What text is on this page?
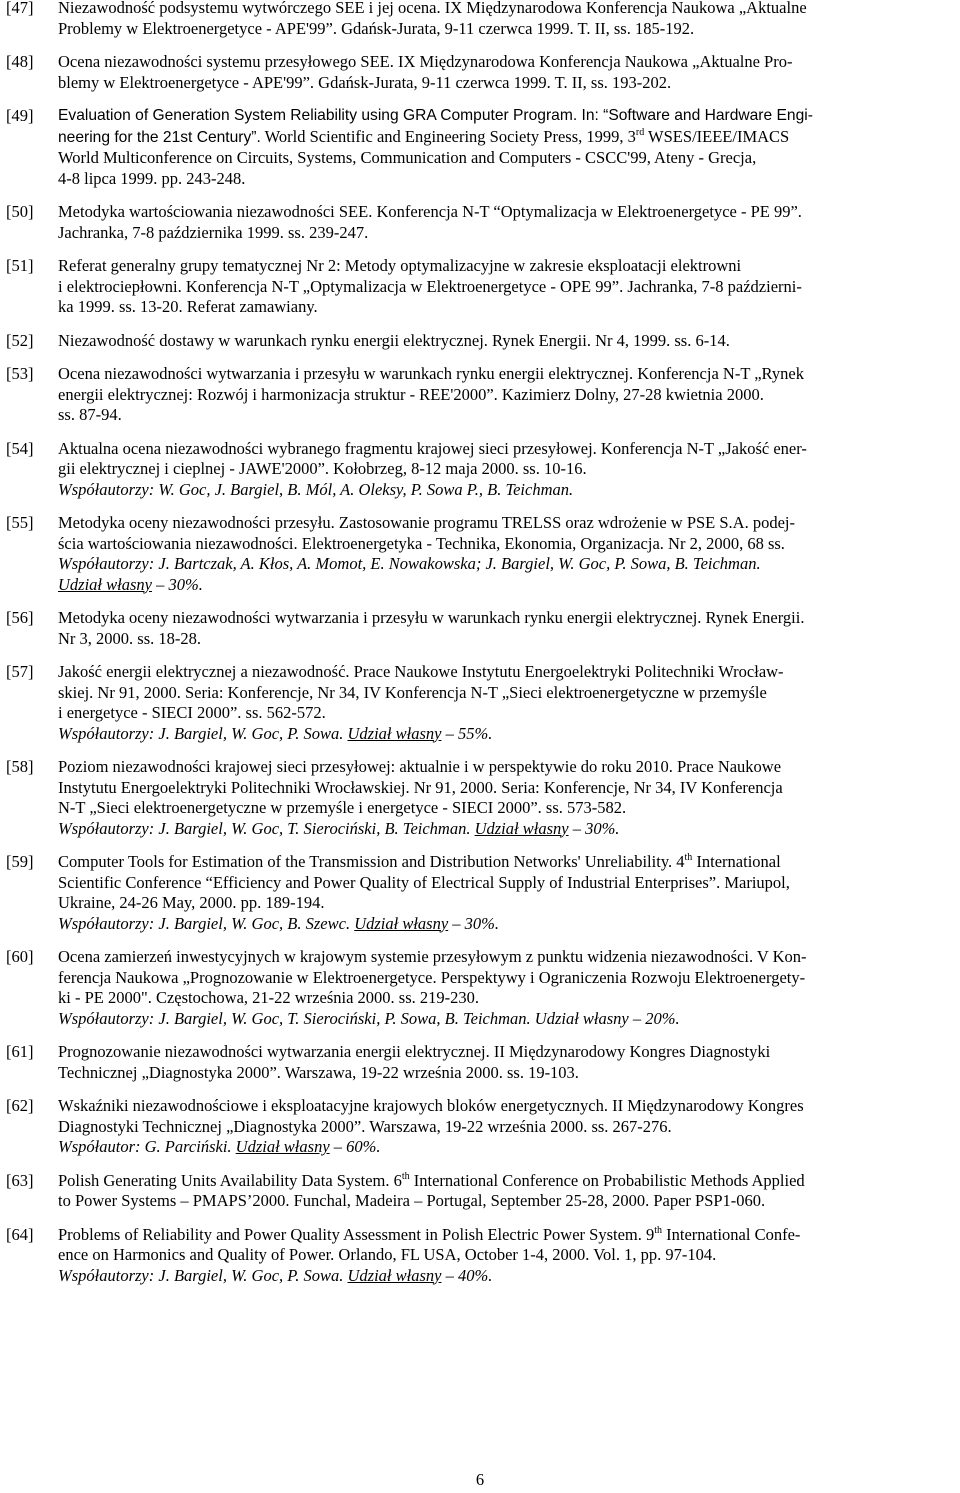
[47]	Niezawodność podsystemu wytwórczego SEE i jej ocena. IX Międzynarodowa Konferencja Naukowa „Aktualne
Problemy w Elektroenergetyce - APE'99”. Gdańsk-Jurata, 9-11 czerwca 1999. T. II, ss. 185-192.
[48]	Ocena niezawodności systemu przesyłowego SEE. IX Międzynarodowa Konferencja Naukowa „Aktualne Pro-
blemy w Elektroenergetyce - APE'99”. Gdańsk-Jurata, 9-11 czerwca 1999. T. II, ss. 193-202.
[49]	Evaluation of Generation System Reliability using GRA Computer Program. In: “Software and Hardware Engi-
neering for the 21st Century”. World Scientific and Engineering Society Press, 1999, 3rd WSES/IEEE/IMACS
World Multiconference on Circuits, Systems, Communication and Computers - CSCC'99, Ateny - Grecja,
4-8 lipca 1999. pp. 243-248.
[50]	Metodyka wartościowania niezawodności SEE. Konferencja N-T “Optymalizacja w Elektroenergetyce - PE 99”.
Jachranka, 7-8 października 1999. ss. 239-247.
[51]	Referat generalny grupy tematycznej Nr 2: Metody optymalizacyjne w zakresie eksploatacji elektrowni
i elektrociepłowni. Konferencja N-T „Optymalizacja w Elektroenergetyce - OPE 99”. Jachranka, 7-8 październi-
ka 1999. ss. 13-20. Referat zamawiany.
[52]	Niezawodność dostawy w warunkach rynku energii elektrycznej. Rynek Energii. Nr 4, 1999. ss. 6-14.
[53]	Ocena niezawodności wytwarzania i przesyłu w warunkach rynku energii elektrycznej. Konferencja N-T „Rynek
energii elektrycznej: Rozwój i harmonizacja struktur - REE'2000”. Kazimierz Dolny, 27-28 kwietnia 2000.
ss. 87-94.
[54]	Aktualna ocena niezawodności wybranego fragmentu krajowej sieci przesyłowej. Konferencja N-T „Jakość ener-
gii elektrycznej i cieplnej - JAWE'2000”. Kołobrzeg, 8-12 maja 2000. ss. 10-16.
Współautorzy: W. Goc, J. Bargiel, B. Mól, A. Oleksy, P. Sowa P., B. Teichman.
[55]	Metodyka oceny niezawodności przesyłu. Zastosowanie programu TRELSS oraz wdrożenie w PSE S.A. podej-
ścia wartościowania niezawodności. Elektroenergetyka - Technika, Ekonomia, Organizacja. Nr 2, 2000, 68 ss.
Współautorzy: J. Bartczak, A. Kłos, A. Momot, E. Nowakowska; J. Bargiel, W. Goc, P. Sowa, B. Teichman.
Udział własny – 30%.
[56]	Metodyka oceny niezawodności wytwarzania i przesyłu w warunkach rynku energii elektrycznej. Rynek Energii.
Nr 3, 2000. ss. 18-28.
[57]	Jakość energii elektrycznej a niezawodność. Prace Naukowe Instytutu Energoelektryki Politechniki Wrocław-
skiej. Nr 91, 2000. Seria: Konferencje, Nr 34, IV Konferencja N-T „Sieci elektroenergetyczne w przemyśle
i energetyce - SIECI 2000”. ss. 562-572.
Współautorzy: J. Bargiel, W. Goc, P. Sowa. Udział własny – 55%.
[58]	Poziom niezawodności krajowej sieci przesyłowej: aktualnie i w perspektywie do roku 2010. Prace Naukowe
Instytutu Energoelektryki Politechniki Wrocławskiej. Nr 91, 2000. Seria: Konferencje, Nr 34, IV Konferencja
N-T „Sieci elektroenergetyczne w przemyśle i energetyce - SIECI 2000”. ss. 573-582.
Współautorzy: J. Bargiel, W. Goc, T. Sierociński, B. Teichman. Udział własny – 30%.
[59]	Computer Tools for Estimation of the Transmission and Distribution Networks' Unreliability. 4th International
Scientific Conference “Efficiency and Power Quality of Electrical Supply of Industrial Enterprises”. Mariupol,
Ukraine, 24-26 May, 2000. pp. 189-194.
Współautorzy: J. Bargiel, W. Goc, B. Szewc. Udział własny – 30%.
[60]	Ocena zamierzeń inwestycyjnych w krajowym systemie przesyłowym z punktu widzenia niezawodności. V Kon-
ferencja Naukowa „Prognozowanie w Elektroenergetyce. Perspektywy i Ograniczenia Rozwoju Elektroenergety-
ki - PE 2000". Częstochowa, 21-22 września 2000. ss. 219-230.
Współautorzy: J. Bargiel, W. Goc, T. Sierociński, P. Sowa, B. Teichman. Udział własny – 20%.
[61]	Prognozowanie niezawodności wytwarzania energii elektrycznej. II Międzynarodowy Kongres Diagnostyki
Technicznej „Diagnostyka 2000”. Warszawa, 19-22 września 2000. ss. 19-103.
[62]	Wskaźniki niezawodnościowe i eksploatacyjne krajowych bloków energetycznych. II Międzynarodowy Kongres
Diagnostyki Technicznej „Diagnostyka 2000”. Warszawa, 19-22 września 2000. ss. 267-276.
Współautor: G. Parciński. Udział własny – 60%.
[63]	Polish Generating Units Availability Data System. 6th International Conference on Probabilistic Methods Applied
to Power Systems – PMAPS’2000. Funchal, Madeira – Portugal, September 25-28, 2000. Paper PSP1-060.
[64]	Problems of Reliability and Power Quality Assessment in Polish Electric Power System. 9th International Confe-
ence on Harmonics and Quality of Power. Orlando, FL USA, October 1-4, 2000. Vol. 1, pp. 97-104.
Współautorzy: J. Bargiel, W. Goc, P. Sowa. Udział własny – 40%.
6
